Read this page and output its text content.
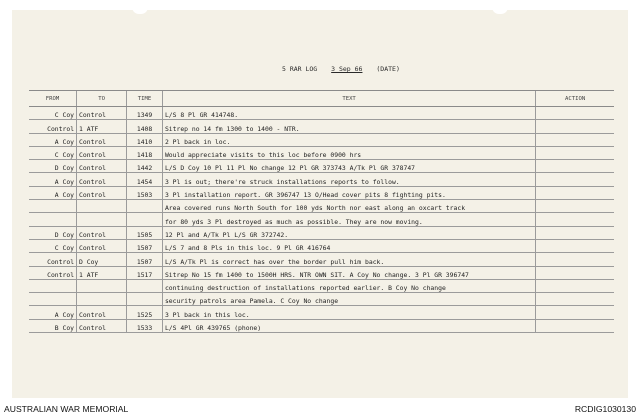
5 RAR LOG 3 Sep 66 (DATE)
FROM	TO	TIME	TEXT	ACTION
C Coy	Control	1349	L/S 8 Pl GR 414748.	
Control	1 ATF	1408	Sitrep no 14 fm 1300 to 1400 - NTR.	
A Coy	Control	1410	2 Pl back in loc.	
C Coy	Control	1418	Would appreciate visits to this loc before 0900 hrs	
D Coy	Control	1442	L/S D Coy 10 Pl 11 Pl No change 12 Pl GR 373743 A/Tk Pl GR 378747	
A Coy	Control	1454	3 Pl is out; there're struck installations reports to follow.	
A Coy	Control	1503	3 Pl installation report. GR 396747 13 O/Head cover pits 8 fighting pits.	
			Area covered runs North South for 100 yds North nor east along an oxcart track	
			for 80 yds 3 Pl destroyed as much as possible. They are now moving.	
D Coy	Control	1505	12 Pl and A/Tk Pl L/S GR 372742.	
C Coy	Control	1507	L/S 7 and 8 Pls in this loc. 9 Pl GR 416764	
Control	D Coy	1507	L/S A/Tk Pl is correct has over the border pull him back.	
Control	1 ATF	1517	Sitrep No 15 fm 1400 to 1500H HRS. NTR OWN SIT. A Coy No change. 3 Pl GR 396747	
			continuing destruction of installations reported earlier. B Coy No change	
			security patrols area Pamela. C Coy No change	
A Coy	Control	1525	3 Pl back in this loc.	
B Coy	Control	1533	L/S 4Pl GR 439765 (phone)	
AUSTRALIAN WAR MEMORIAL	RCDIG1030130
